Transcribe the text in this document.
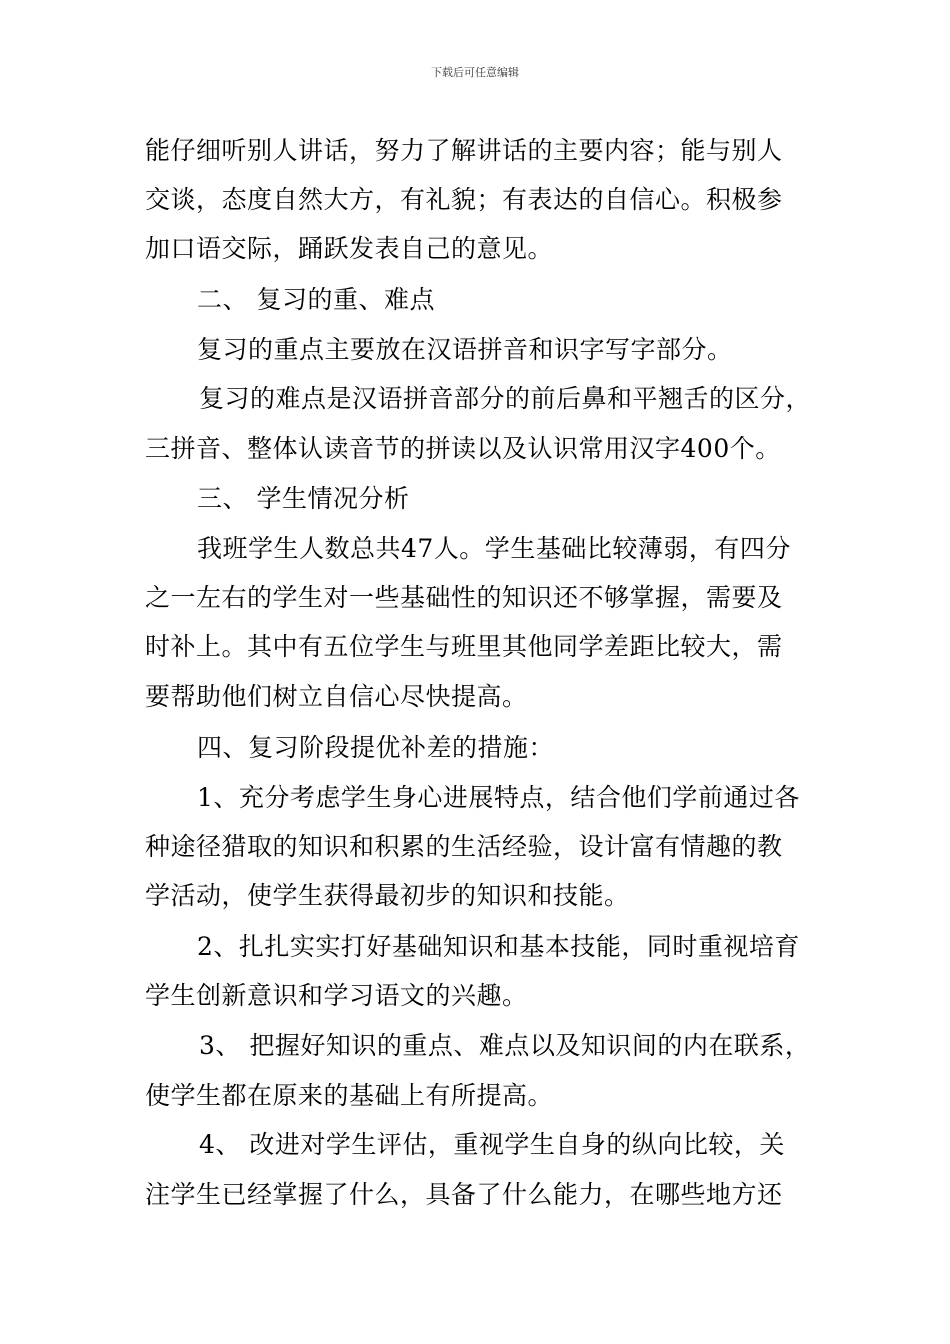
下载后可任意编辑
能仔细听别人讲话，努力了解讲话的主要内容；能与别人
交谈，态度自然大方，有礼貌；有表达的自信心。积极参
加口语交际，踊跃发表自己的意见。
二、 复习的重、难点
复习的重点主要放在汉语拼音和识字写字部分。
复习的难点是汉语拼音部分的前后鼻和平翘舌的区分，
三拼音、整体认读音节的拼读以及认识常用汉字400个。
三、 学生情况分析
我班学生人数总共47人。学生基础比较薄弱，有四分
之一左右的学生对一些基础性的知识还不够掌握，需要及
时补上。其中有五位学生与班里其他同学差距比较大，需
要帮助他们树立自信心尽快提高。
四、复习阶段提优补差的措施：
1、充分考虑学生身心进展特点，结合他们学前通过各
种途径猎取的知识和积累的生活经验，设计富有情趣的教
学活动，使学生获得最初步的知识和技能。
2、扎扎实实打好基础知识和基本技能，同时重视培育
学生创新意识和学习语文的兴趣。
3、 把握好知识的重点、难点以及知识间的内在联系，
使学生都在原来的基础上有所提高。
4、 改进对学生评估，重视学生自身的纵向比较，关
注学生已经掌握了什么，具备了什么能力，在哪些地方还
